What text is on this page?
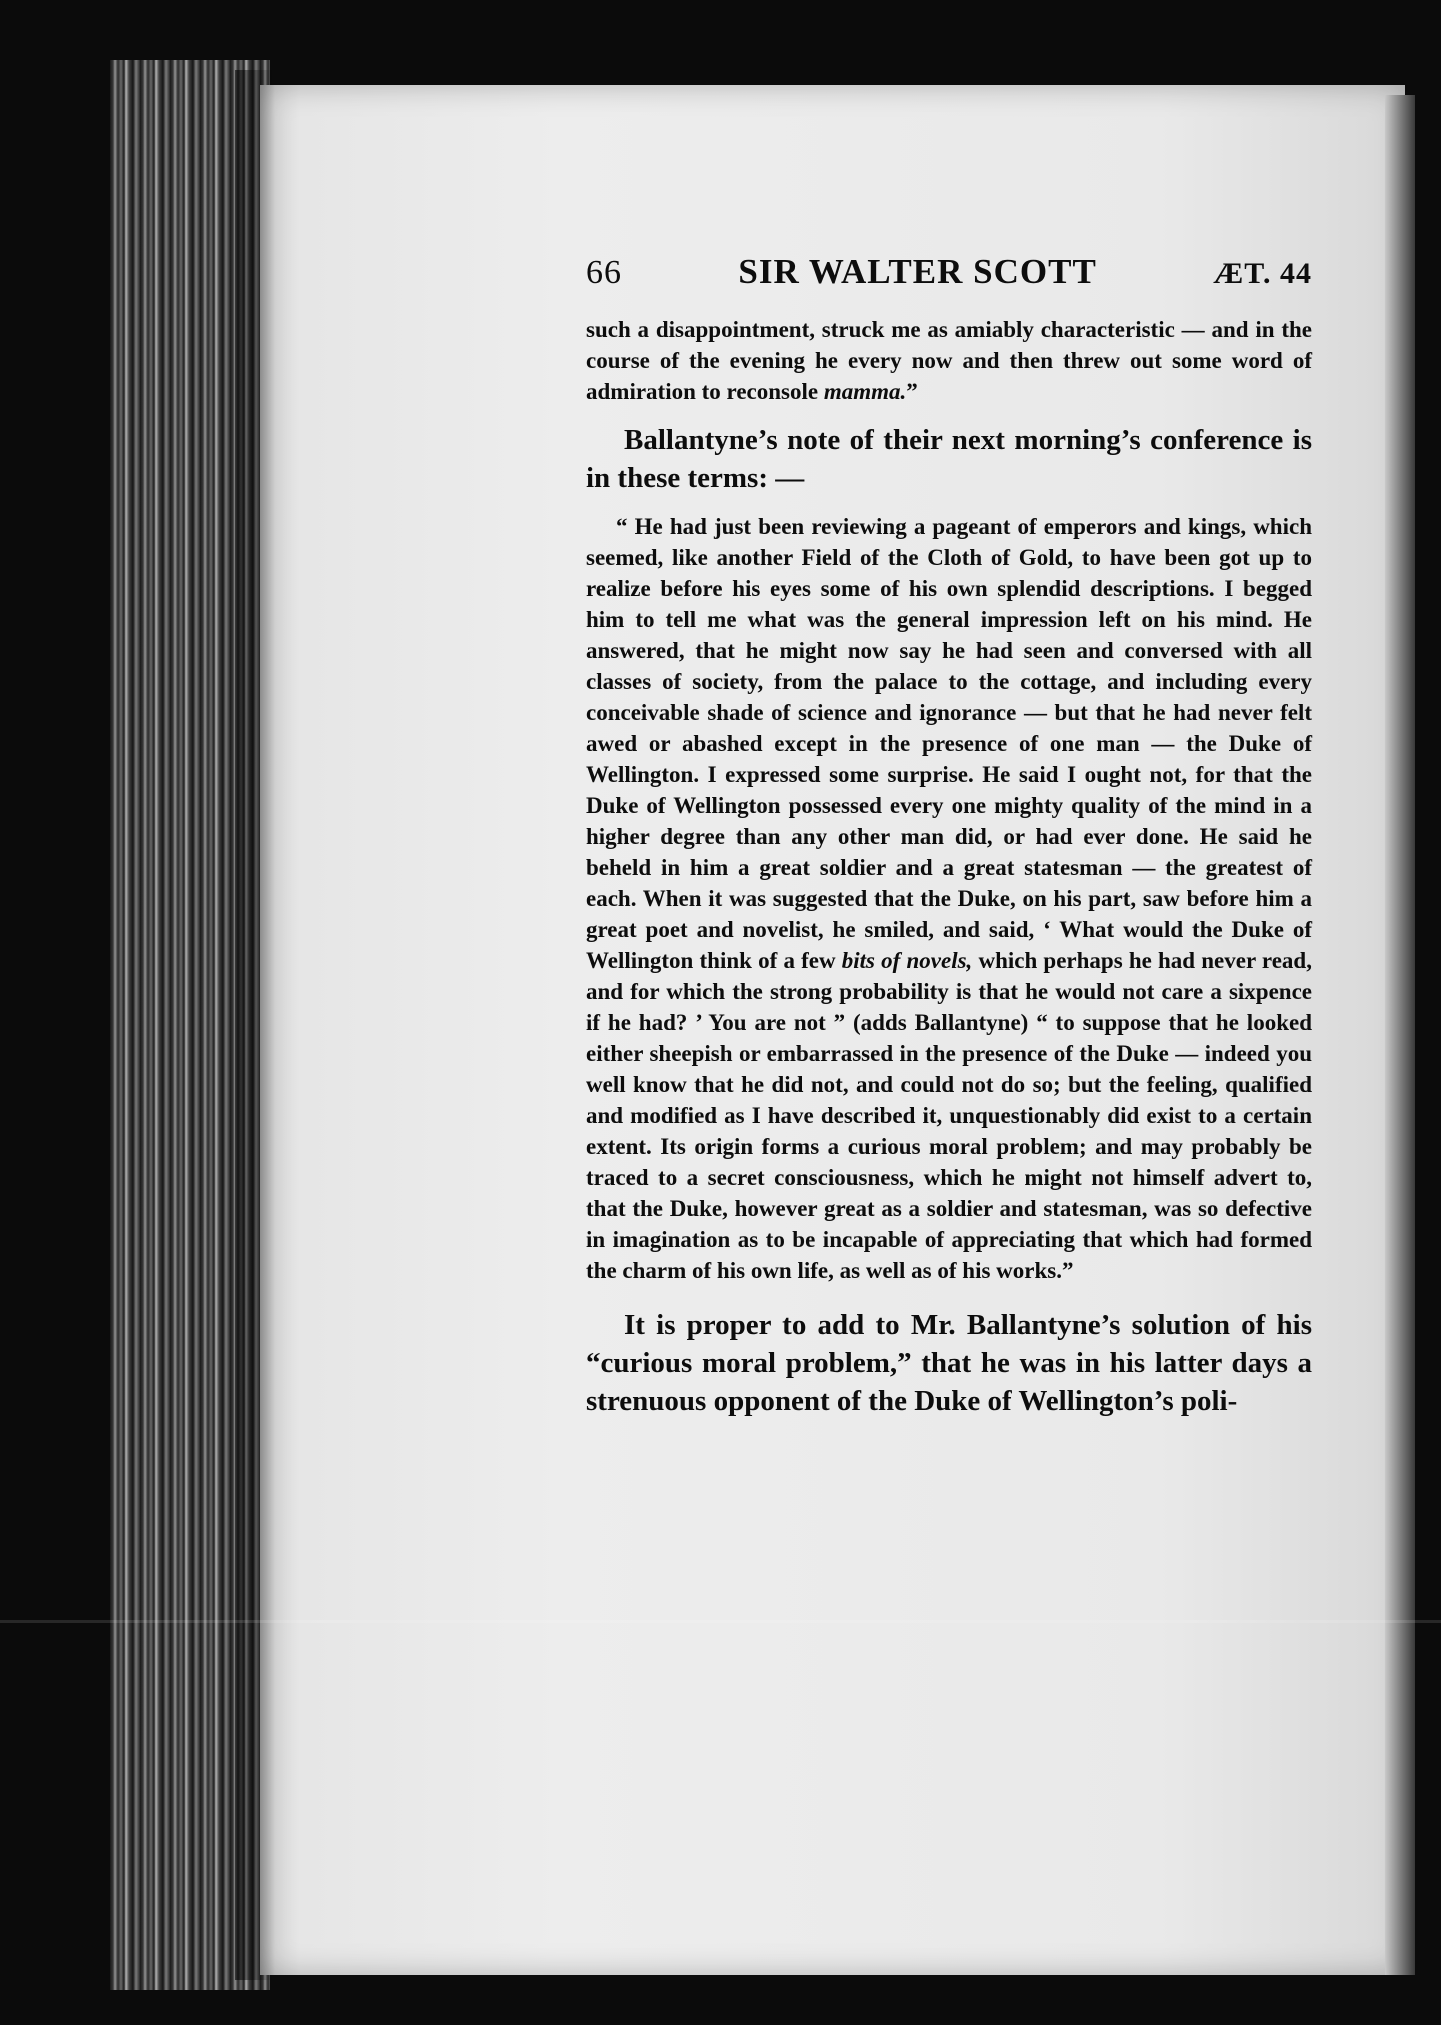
66	SIR WALTER SCOTT	ÆT. 44

such a disappointment, struck me as amiably characteristic — and in the course of the evening he every now and then threw out some word of admiration to reconsole mamma.”

Ballantyne’s note of their next morning’s conference is in these terms: —

“ He had just been reviewing a pageant of emperors and kings, which seemed, like another Field of the Cloth of Gold, to have been got up to realize before his eyes some of his own splendid descriptions. I begged him to tell me what was the general impression left on his mind. He answered, that he might now say he had seen and conversed with all classes of society, from the palace to the cottage, and including every conceivable shade of science and ignorance — but that he had never felt awed or abashed except in the presence of one man — the Duke of Wellington. I expressed some surprise. He said I ought not, for that the Duke of Wellington possessed every one mighty quality of the mind in a higher degree than any other man did, or had ever done. He said he beheld in him a great soldier and a great statesman — the greatest of each. When it was suggested that the Duke, on his part, saw before him a great poet and novelist, he smiled, and said, ‘ What would the Duke of Wellington think of a few bits of novels, which perhaps he had never read, and for which the strong probability is that he would not care a sixpence if he had? ’ You are not ” (adds Ballantyne) “ to suppose that he looked either sheepish or embarrassed in the presence of the Duke — indeed you well know that he did not, and could not do so; but the feeling, qualified and modified as I have described it, unquestionably did exist to a certain extent. Its origin forms a curious moral problem; and may probably be traced to a secret consciousness, which he might not himself advert to, that the Duke, however great as a soldier and statesman, was so defective in imagination as to be incapable of appreciating that which had formed the charm of his own life, as well as of his works.”

It is proper to add to Mr. Ballantyne’s solution of his “curious moral problem,” that he was in his latter days a strenuous opponent of the Duke of Wellington’s poli-
